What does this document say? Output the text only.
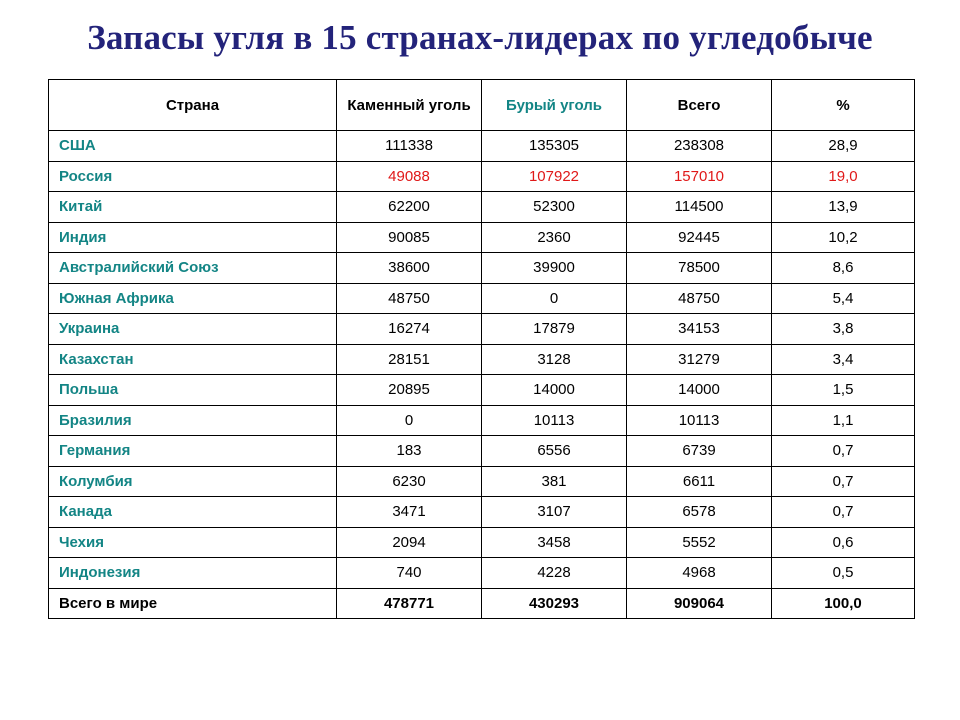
Запасы угля в 15 странах-лидерах по угледобыче
Страна	Каменный уголь	Бурый уголь	Всего	%
США	111338	135305	238308	28,9
Россия	49088	107922	157010	19,0
Китай	62200	52300	114500	13,9
Индия	90085	2360	92445	10,2
Австралийский Союз	38600	39900	78500	8,6
Южная Африка	48750	0	48750	5,4
Украина	16274	17879	34153	3,8
Казахстан	28151	3128	31279	3,4
Польша	20895	14000	14000	1,5
Бразилия	0	10113	10113	1,1
Германия	183	6556	6739	0,7
Колумбия	6230	381	6611	0,7
Канада	3471	3107	6578	0,7
Чехия	2094	3458	5552	0,6
Индонезия	740	4228	4968	0,5
Всего в мире	478771	430293	909064	100,0
